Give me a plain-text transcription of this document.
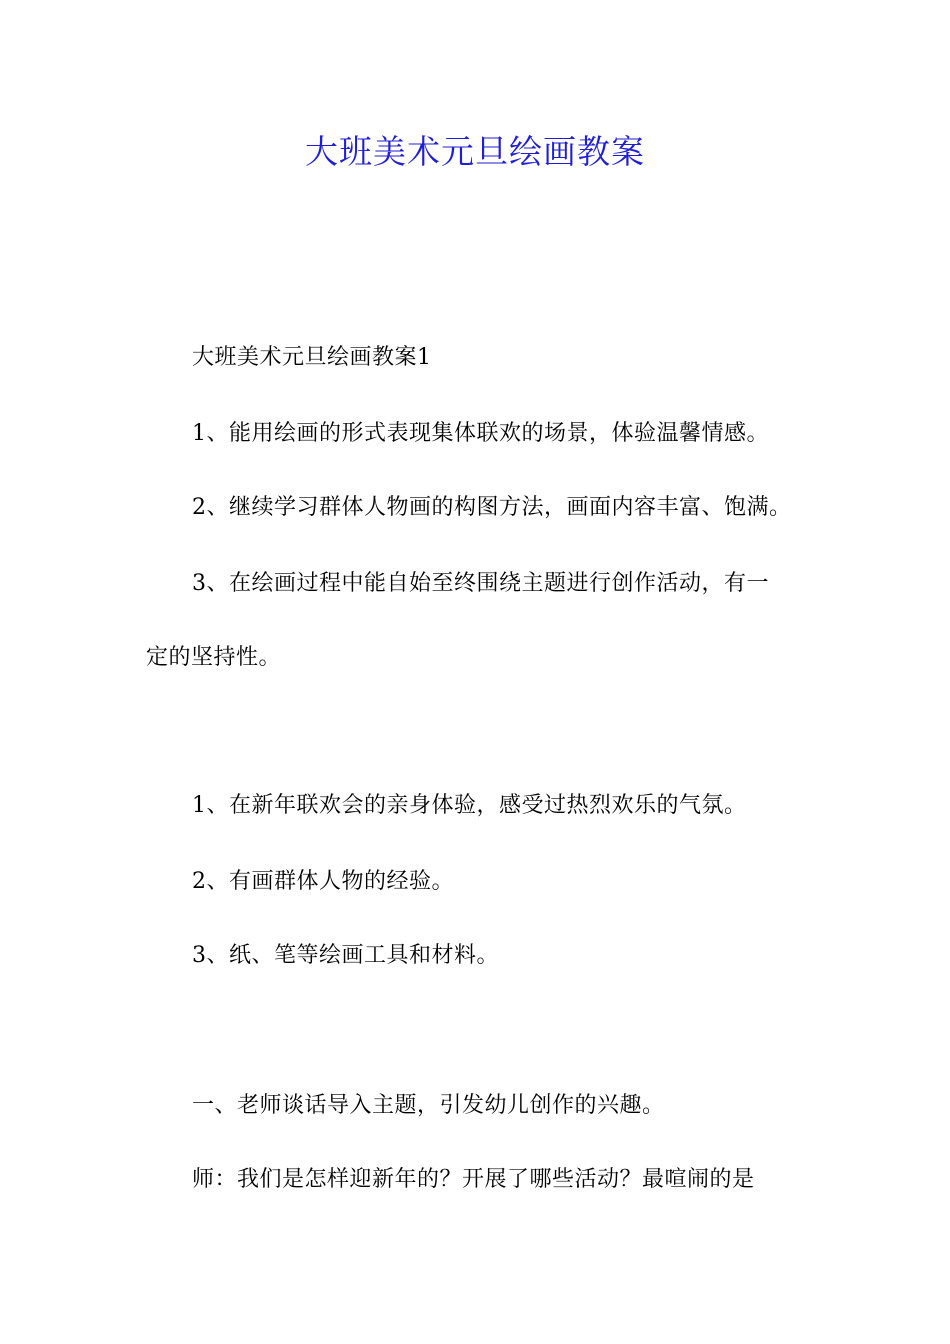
大班美术元旦绘画教案
大班美术元旦绘画教案1
1、能用绘画的形式表现集体联欢的场景，体验温馨情感。
2、继续学习群体人物画的构图方法，画面内容丰富、饱满。
3、在绘画过程中能自始至终围绕主题进行创作活动，有一
定的坚持性。
1、在新年联欢会的亲身体验，感受过热烈欢乐的气氛。
2、有画群体人物的经验。
3、纸、笔等绘画工具和材料。
一、老师谈话导入主题，引发幼儿创作的兴趣。
师：我们是怎样迎新年的？开展了哪些活动？最喧闹的是
